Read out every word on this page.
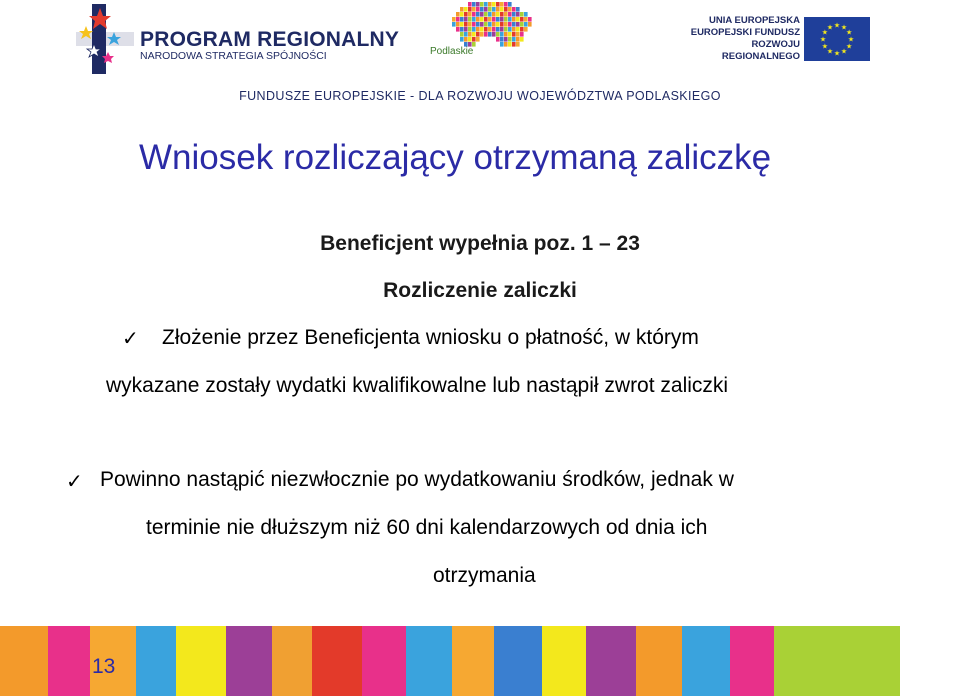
PROGRAM REGIONALNY
NARODOWA STRATEGIA SPÓJNOŚCI	Podlaskie
UNIA EUROPEJSKA
EUROPEJSKI FUNDUSZ
ROZWOJU REGIONALNEGO
★
★
★
★
★
★
★
★
★ ★ ★
★
FUNDUSZE EUROPEJSKIE - DLA ROZWOJU WOJEWÓDZTWA PODLASKIEGO
Wniosek rozliczający otrzymaną zaliczkę
Beneficjent wypełnia poz. 1 – 23
Rozliczenie zaliczki
✓ Złożenie przez Beneficjenta wniosku o płatność, w którym
wykazane zostały wydatki kwalifikowalne lub nastąpił zwrot zaliczki
✓ Powinno nastąpić niezwłocznie po wydatkowaniu środków, jednak w
terminie nie dłuższym niż 60 dni kalendarzowych od dnia ich
otrzymania
13
